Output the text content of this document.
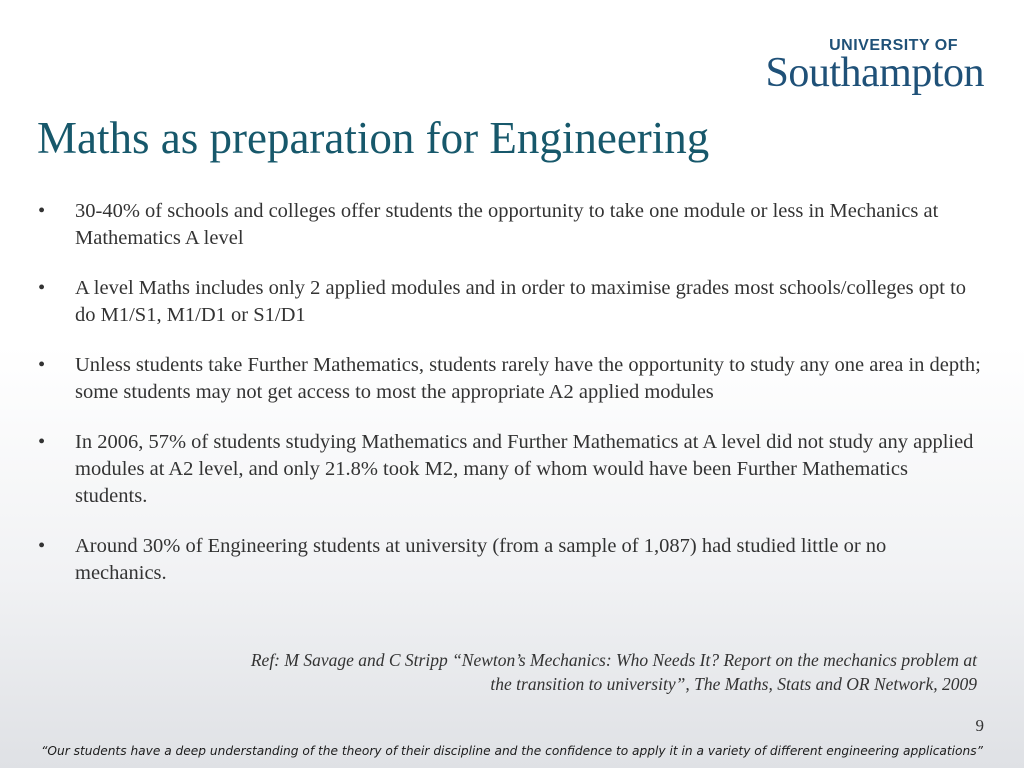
UNIVERSITY OF
Southampton
Maths as preparation for Engineering
•	30-40% of schools and colleges offer students the opportunity to take one module or less in Mechanics at Mathematics A level
•	A level Maths includes only 2 applied modules and in order to maximise grades most schools/colleges opt to do M1/S1, M1/D1 or S1/D1
•	Unless students take Further Mathematics, students rarely have the opportunity to study any one area in depth; some students may not get access to most the appropriate A2 applied modules
•	In 2006, 57% of students studying Mathematics and Further Mathematics at A level did not study any applied modules at A2 level, and only 21.8% took M2, many of whom would have been Further Mathematics students.
•	Around 30% of Engineering students at university (from a sample of 1,087) had studied little or no mechanics.

Ref: M Savage and C Stripp “Newton’s Mechanics: Who Needs It? Report on the mechanics problem at
the transition to university”, The Maths, Stats and OR Network, 2009

9
“Our students have a deep understanding of the theory of their discipline and the confidence to apply it in a variety of different engineering applications”
